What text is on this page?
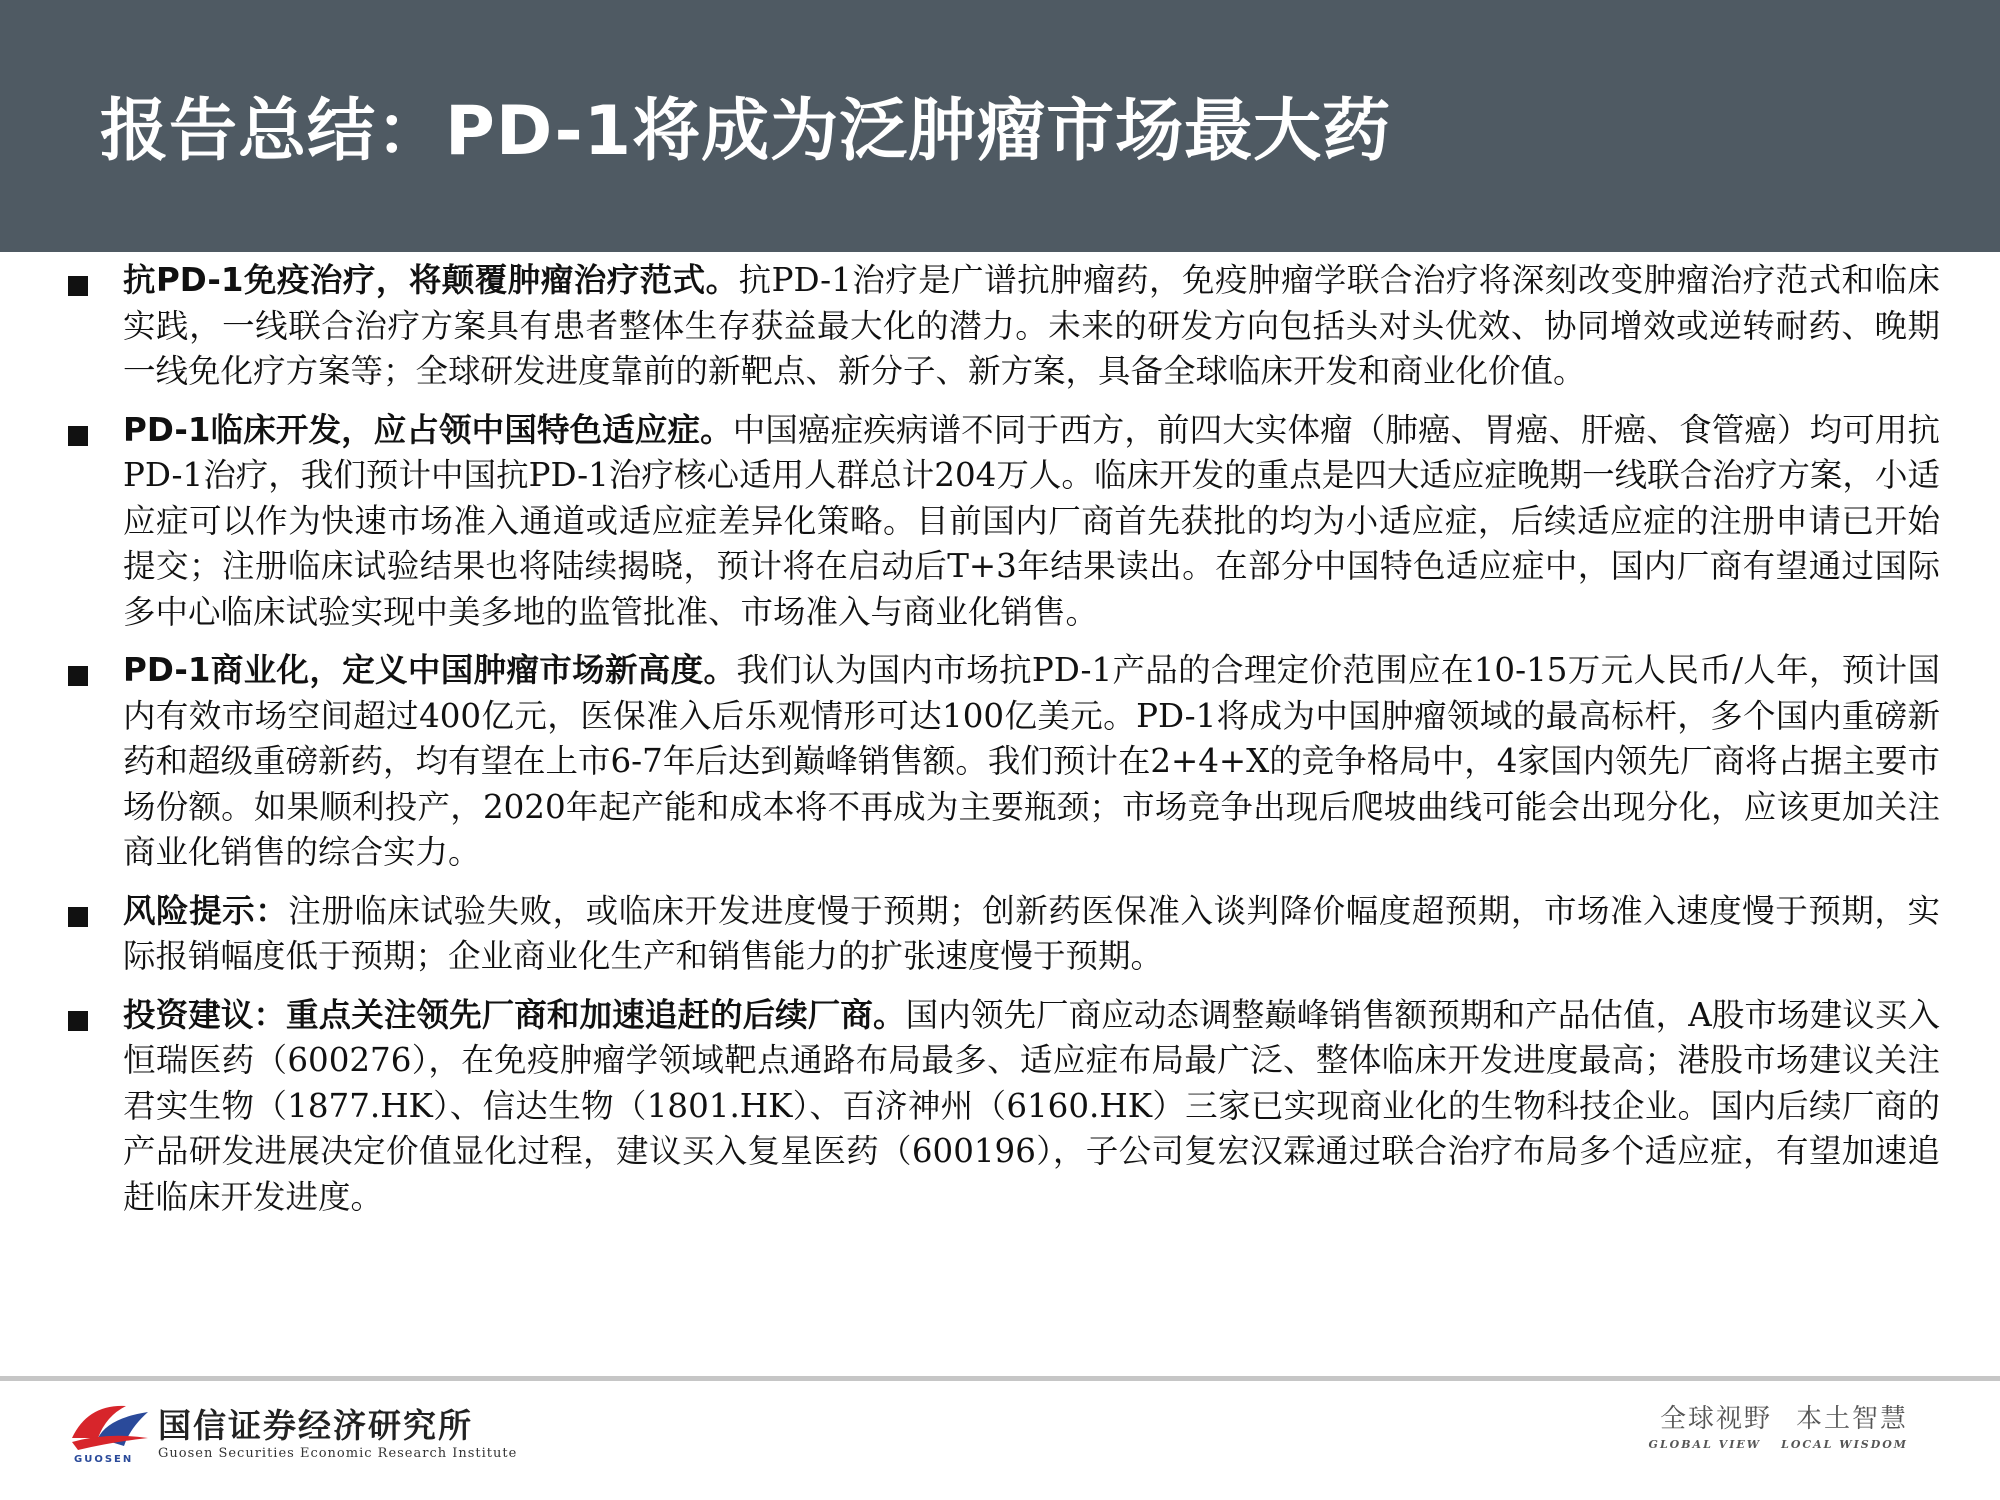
报告总结：PD-1将成为泛肿瘤市场最大药
抗PD-1免疫治疗，将颠覆肿瘤治疗范式。抗PD-1治疗是广谱抗肿瘤药，免疫肿瘤学联合治疗将深刻改变肿瘤治疗范式和临床实践，一线联合治疗方案具有患者整体生存获益最大化的潜力。未来的研发方向包括头对头优效、协同增效或逆转耐药、晚期一线免化疗方案等；全球研发进度靠前的新靶点、新分子、新方案，具备全球临床开发和商业化价值。
PD-1临床开发，应占领中国特色适应症。中国癌症疾病谱不同于西方，前四大实体瘤（肺癌、胃癌、肝癌、食管癌）均可用抗PD-1治疗，我们预计中国抗PD-1治疗核心适用人群总计204万人。临床开发的重点是四大适应症晚期一线联合治疗方案，小适应症可以作为快速市场准入通道或适应症差异化策略。目前国内厂商首先获批的均为小适应症，后续适应症的注册申请已开始提交；注册临床试验结果也将陆续揭晓，预计将在启动后T+3年结果读出。在部分中国特色适应症中，国内厂商有望通过国际多中心临床试验实现中美多地的监管批准、市场准入与商业化销售。
PD-1商业化，定义中国肿瘤市场新高度。我们认为国内市场抗PD-1产品的合理定价范围应在10-15万元人民币/人年，预计国内有效市场空间超过400亿元，医保准入后乐观情形可达100亿美元。PD-1将成为中国肿瘤领域的最高标杆，多个国内重磅新药和超级重磅新药，均有望在上市6-7年后达到巅峰销售额。我们预计在2+4+X的竞争格局中，4家国内领先厂商将占据主要市场份额。如果顺利投产，2020年起产能和成本将不再成为主要瓶颈；市场竞争出现后爬坡曲线可能会出现分化，应该更加关注商业化销售的综合实力。
风险提示：注册临床试验失败，或临床开发进度慢于预期；创新药医保准入谈判降价幅度超预期，市场准入速度慢于预期，实际报销幅度低于预期；企业商业化生产和销售能力的扩张速度慢于预期。
投资建议：重点关注领先厂商和加速追赶的后续厂商。国内领先厂商应动态调整巅峰销售额预期和产品估值，A股市场建议买入恒瑞医药（600276），在免疫肿瘤学领域靶点通路布局最多、适应症布局最广泛、整体临床开发进度最高；港股市场建议关注君实生物（1877.HK）、信达生物（1801.HK）、百济神州（6160.HK）三家已实现商业化的生物科技企业。国内后续厂商的产品研发进展决定价值显化过程，建议买入复星医药（600196），子公司复宏汉霖通过联合治疗布局多个适应症，有望加速追赶临床开发进度。
GUOSEN
国信证券经济研究所
Guosen Securities Economic Research Institute
全球视野 本土智慧
GLOBAL VIEW LOCAL WISDOM
